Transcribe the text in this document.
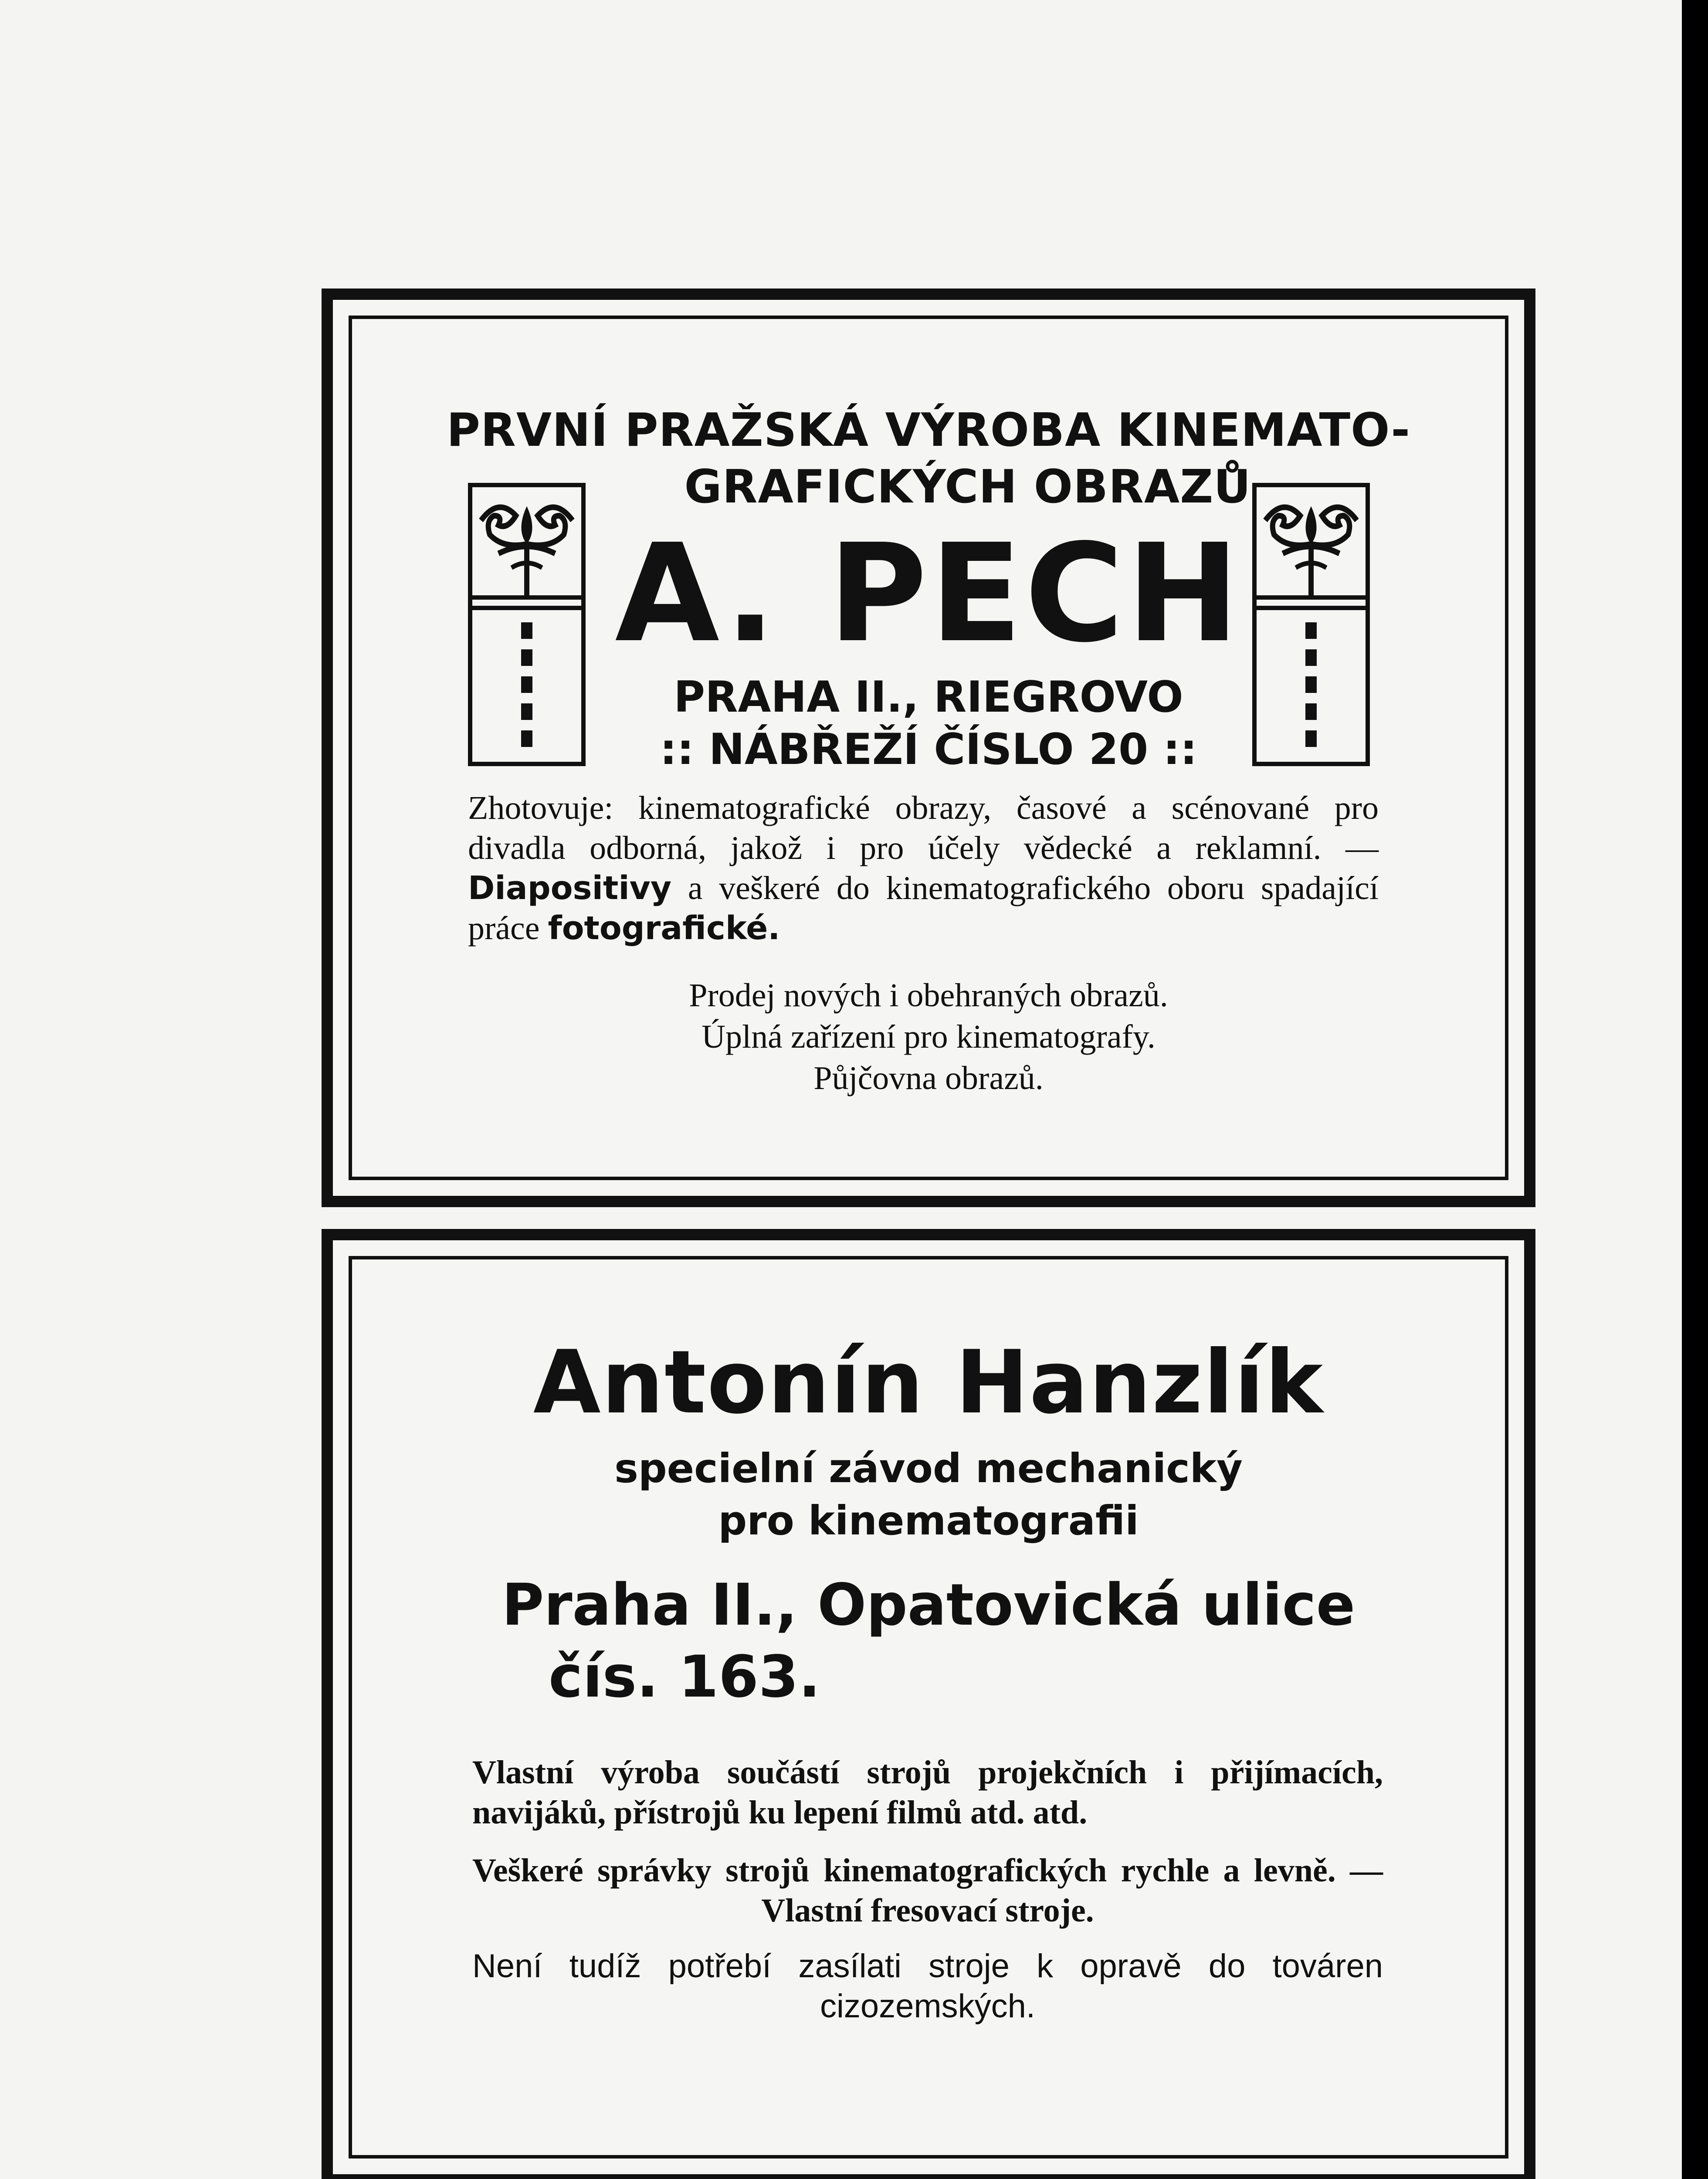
PRVNÍ PRAŽSKÁ VÝROBA KINEMATO-
GRAFICKÝCH OBRAZŮ
A. PECH
PRAHA II., RIEGROVO
:: NÁBŘEŽÍ ČÍSLO 20 ::
Zhotovuje: kinematografické obrazy, časové a scénované pro divadla odborná, jakož i pro účely vědecké a reklamní. — Diapositivy a veškeré do kinematografického oboru spadající práce fotografické.
Prodej nových i obehraných obrazů.
Úplná zařízení pro kinematografy.
Půjčovna obrazů.
Antonín Hanzlík
specielní závod mechanický
pro kinematografii
Praha II., Opatovická ulice
čís. 163.
Vlastní výroba součástí strojů projekčních i přijímacích, navijáků, přístrojů ku lepení filmů atd. atd.
Veškeré správky strojů kinematografických rychle a levně. — Vlastní fresovací stroje.
Není tudíž potřebí zasílati stroje k opravě do továren cizozemských.
